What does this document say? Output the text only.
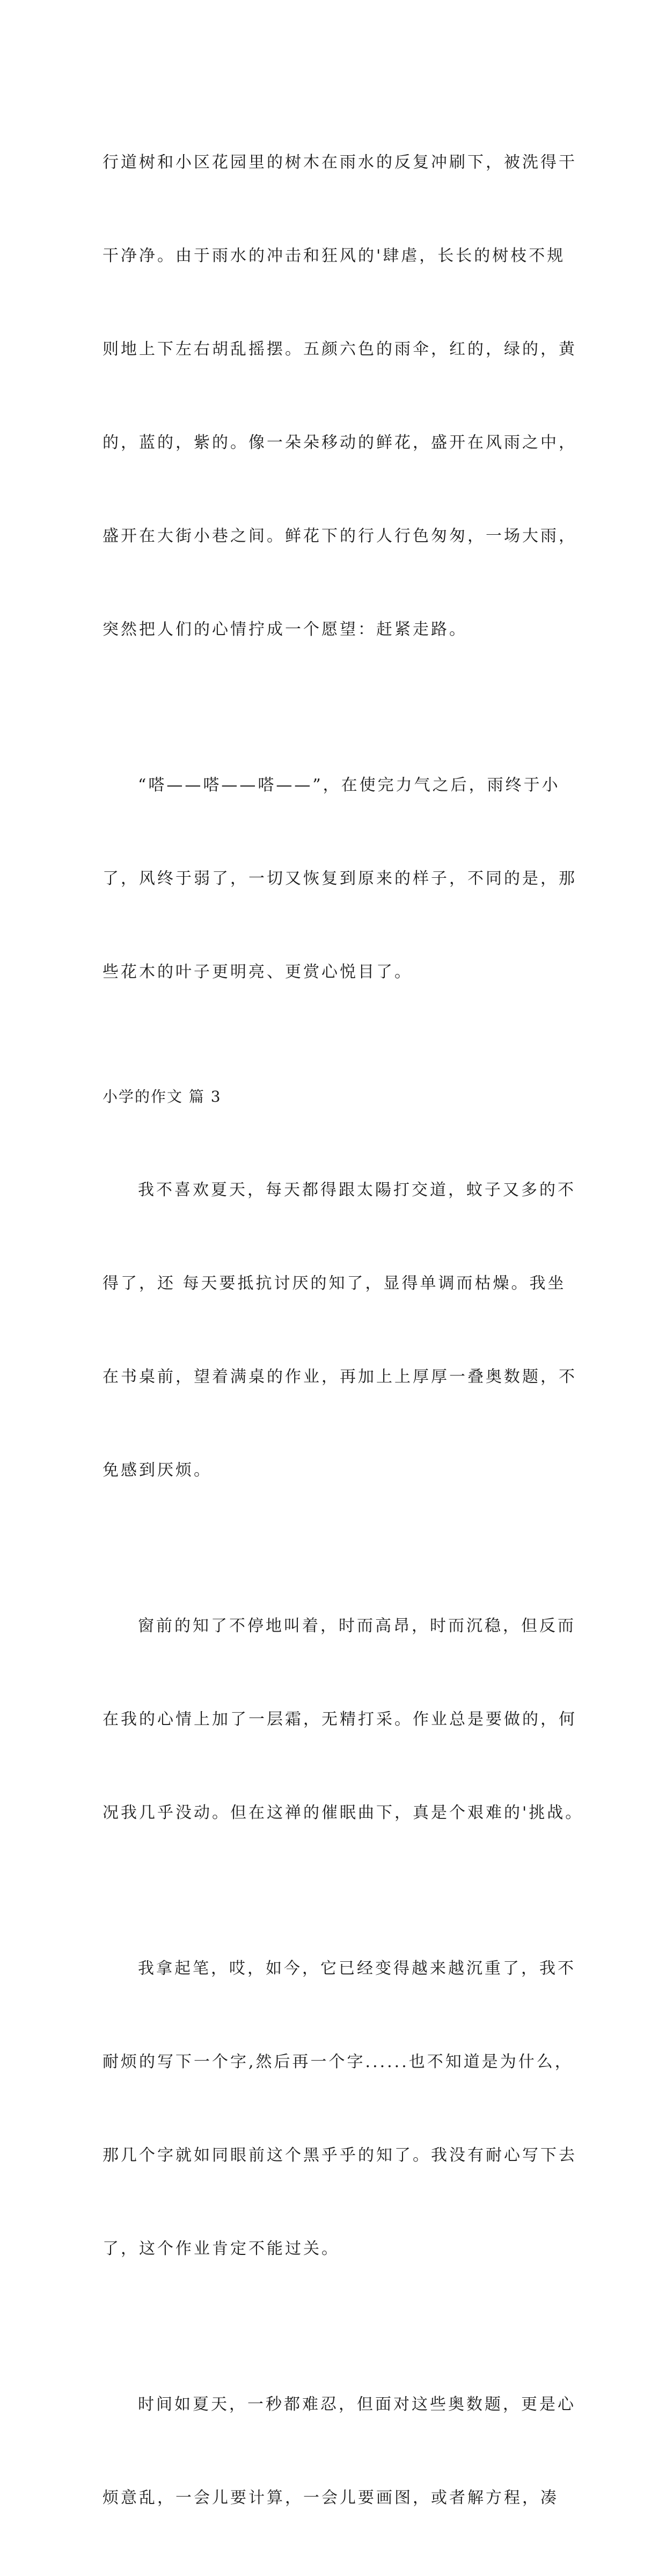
行道树和小区花园里的树木在雨水的反复冲刷下，被洗得干

干净净。由于雨水的冲击和狂风的'肆虐，长长的树枝不规

则地上下左右胡乱摇摆。五颜六色的雨伞，红的，绿的，黄

的，蓝的，紫的。像一朵朵移动的鲜花，盛开在风雨之中，

盛开在大街小巷之间。鲜花下的行人行色匆匆，一场大雨，

突然把人们的心情拧成一个愿望：赶紧走路。

“嗒——嗒——嗒——”，在使完力气之后，雨终于小

了，风终于弱了，一切又恢复到原来的样子，不同的是，那

些花木的叶子更明亮、更赏心悦目了。

小学的作文 篇 3

我不喜欢夏天，每天都得跟太陽打交道，蚊子又多的不

得了，还 每天要抵抗讨厌的知了，显得单调而枯燥。我坐

在书桌前，望着满桌的作业，再加上上厚厚一叠奥数题，不

免感到厌烦。

窗前的知了不停地叫着，时而高昂，时而沉稳，但反而

在我的心情上加了一层霜，无精打采。作业总是要做的，何

况我几乎没动。但在这禅的催眠曲下，真是个艰难的'挑战。

我拿起笔，哎，如今，它已经变得越来越沉重了，我不

耐烦的写下一个字,然后再一个字......也不知道是为什么，

那几个字就如同眼前这个黑乎乎的知了。我没有耐心写下去

了，这个作业肯定不能过关。

时间如夏天，一秒都难忍，但面对这些奥数题，更是心

烦意乱，一会儿要计算，一会儿要画图，或者解方程，凑
